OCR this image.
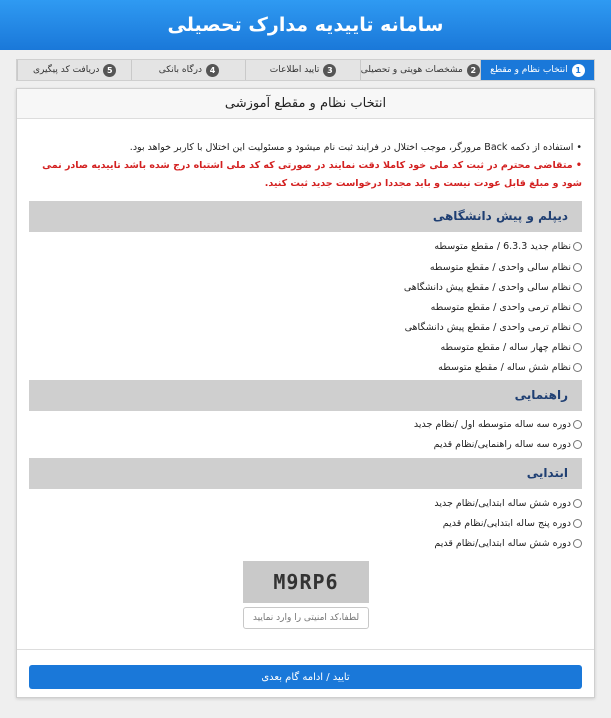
سامانه تاییدیه مدارک تحصیلی
1
انتخاب نظام و مقطع
2
مشخصات هویتی و تحصیلی
3
تایید اطلاعات
4
درگاه بانکی
5
دریافت کد پیگیری
انتخاب نظام و مقطع آموزشی
• استفاده از دکمه Back مرورگر، موجب اختلال در فرایند ثبت نام میشود و مسئولیت این اختلال با کاربر خواهد بود.
• متقاضی محترم در ثبت کد ملی خود کاملا دقت نمایند در صورتی که کد ملی اشتباه درج شده باشد تاییدیه صادر نمی شود و مبلغ قابل عودت نیست و باید مجددا درخواست جدید ثبت کنید.
دیپلم و پیش دانشگاهی
نظام جدید 6.3.3 / مقطع متوسطه
نظام سالی واحدی / مقطع متوسطه
نظام سالی واحدی / مقطع پیش دانشگاهی
نظام ترمی واحدی / مقطع متوسطه
نظام ترمی واحدی / مقطع پیش دانشگاهی
نظام چهار ساله / مقطع متوسطه
نظام شش ساله / مقطع متوسطه
راهنمایی
دوره سه ساله متوسطه اول /نظام جدید
دوره سه ساله راهنمایی/نظام قدیم
ابتدایی
دوره شش ساله ابتدایی/نظام جدید
دوره پنج ساله ابتدایی/نظام قدیم
دوره شش ساله ابتدایی/نظام قدیم
M9RP6
لطفا،کد امنیتی را وارد نمایید
تایید / ادامه گام بعدی
